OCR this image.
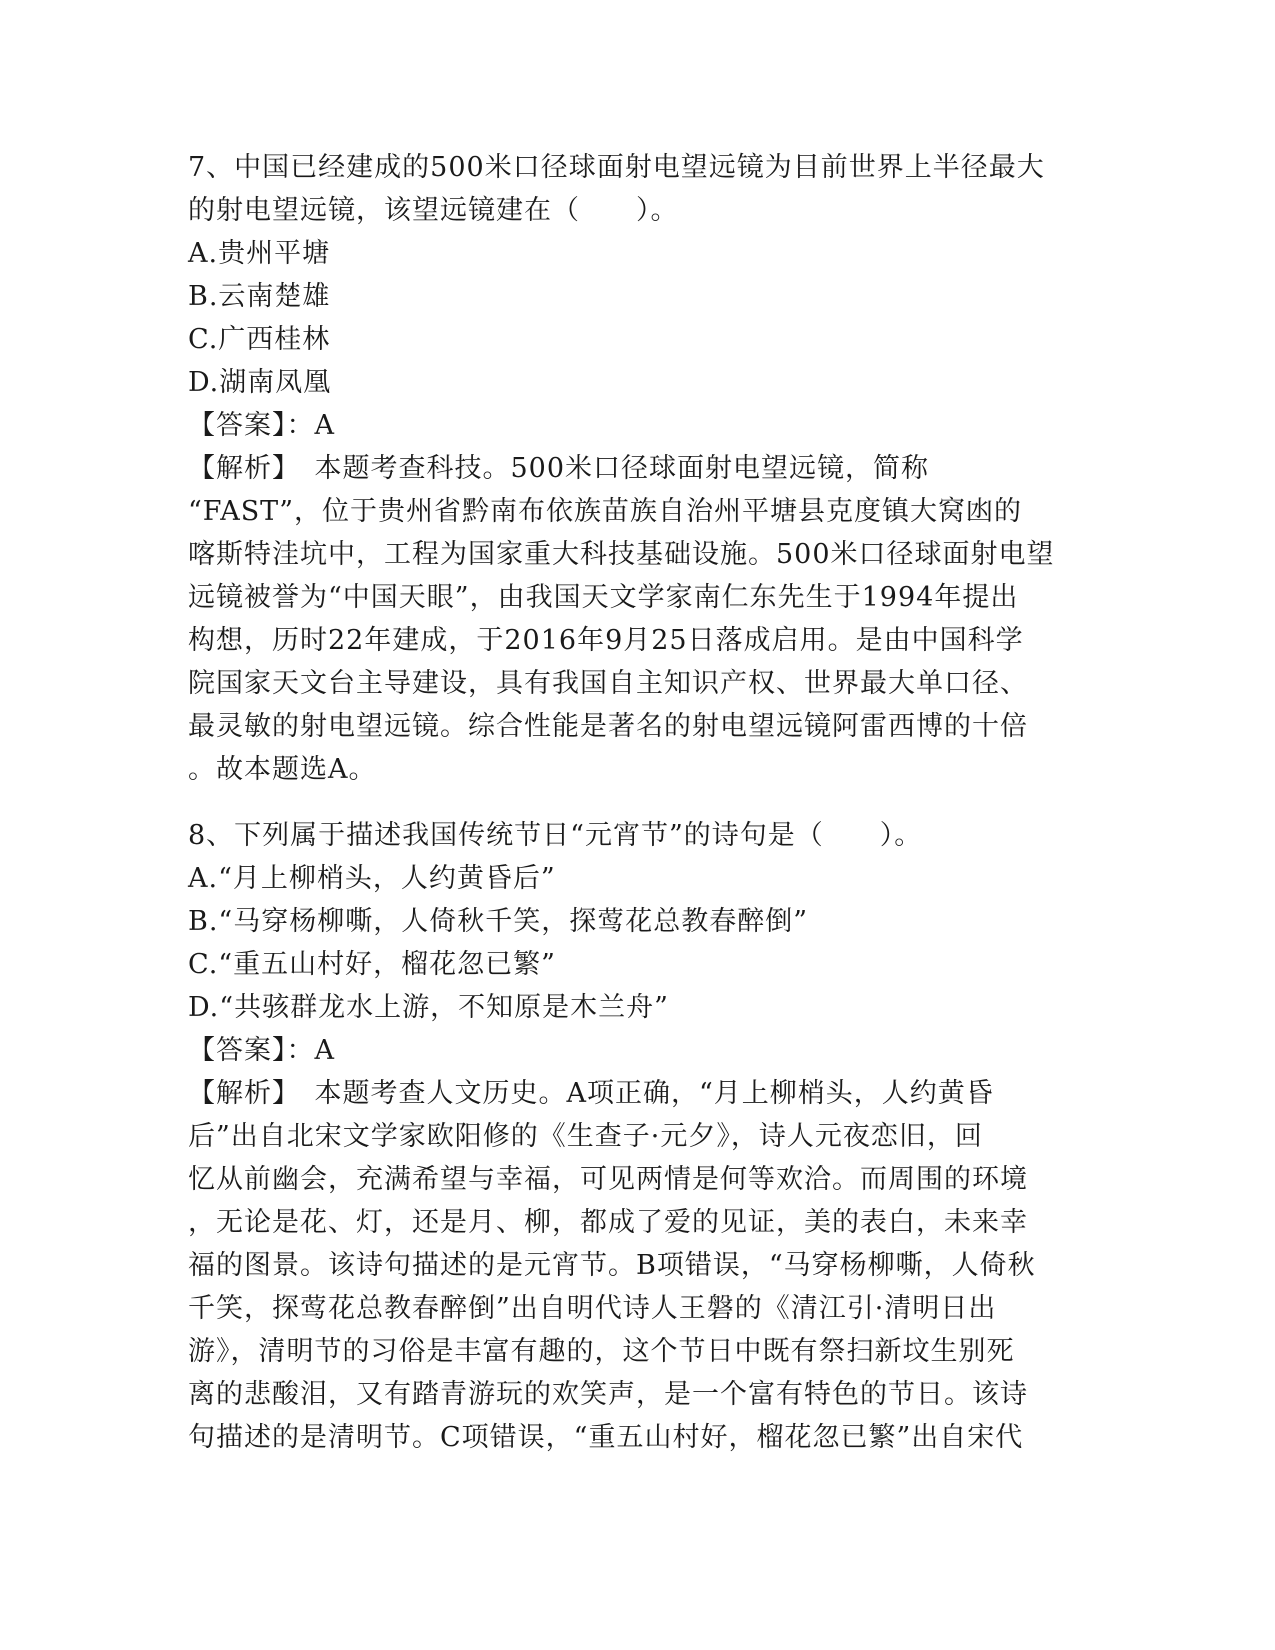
7、中国已经建成的500米口径球面射电望远镜为目前世界上半径最大
的射电望远镜，该望远镜建在（　　）。
A.贵州平塘
B.云南楚雄
C.广西桂林
D.湖南凤凰
【答案】：A
【解析】　本题考查科技。500米口径球面射电望远镜，简称
“FAST”，位于贵州省黔南布依族苗族自治州平塘县克度镇大窝凼的
喀斯特洼坑中，工程为国家重大科技基础设施。500米口径球面射电望
远镜被誉为“中国天眼”，由我国天文学家南仁东先生于1994年提出
构想，历时22年建成，于2016年9月25日落成启用。是由中国科学
院国家天文台主导建设，具有我国自主知识产权、世界最大单口径、
最灵敏的射电望远镜。综合性能是著名的射电望远镜阿雷西博的十倍
。故本题选A。
8、下列属于描述我国传统节日“元宵节”的诗句是（　　）。
A.“月上柳梢头，人约黄昏后”
B.“马穿杨柳嘶，人倚秋千笑，探莺花总教春醉倒”
C.“重五山村好，榴花忽已繁”
D.“共骇群龙水上游，不知原是木兰舟”
【答案】：A
【解析】　本题考查人文历史。A项正确，“月上柳梢头，人约黄昏
后”出自北宋文学家欧阳修的《生查子·元夕》，诗人元夜恋旧，回
忆从前幽会，充满希望与幸福，可见两情是何等欢洽。而周围的环境
，无论是花、灯，还是月、柳，都成了爱的见证，美的表白，未来幸
福的图景。该诗句描述的是元宵节。B项错误，“马穿杨柳嘶，人倚秋
千笑，探莺花总教春醉倒”出自明代诗人王磐的《清江引·清明日出
游》，清明节的习俗是丰富有趣的，这个节日中既有祭扫新坟生别死
离的悲酸泪，又有踏青游玩的欢笑声，是一个富有特色的节日。该诗
句描述的是清明节。C项错误，“重五山村好，榴花忽已繁”出自宋代
